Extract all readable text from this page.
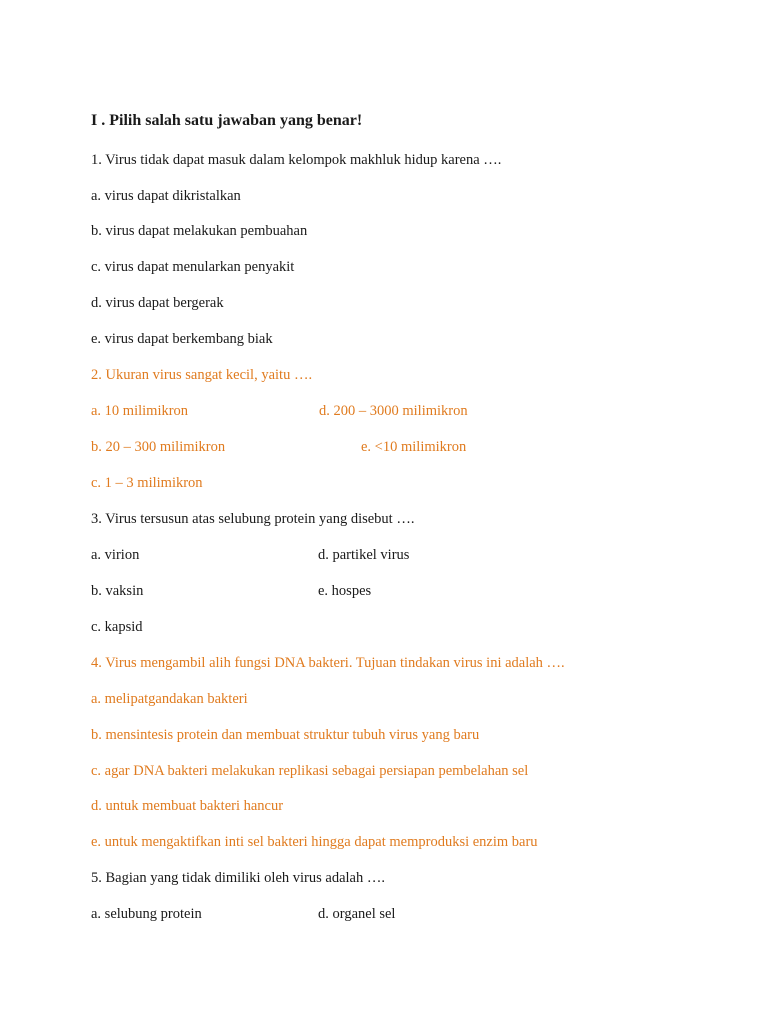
I . Pilih salah satu jawaban yang benar!
1. Virus tidak dapat masuk dalam kelompok makhluk hidup karena ….
a. virus dapat dikristalkan
b. virus dapat melakukan pembuahan
c. virus dapat menularkan penyakit
d. virus dapat bergerak
e. virus dapat berkembang biak
2. Ukuran virus sangat kecil, yaitu ….
a. 10 milimikron	d. 200 – 3000 milimikron
b. 20 – 300 milimikron	e. <10 milimikron
c. 1 – 3 milimikron
3. Virus tersusun atas selubung protein yang disebut ….
a. virion	d. partikel virus
b. vaksin	e. hospes
c. kapsid
4. Virus mengambil alih fungsi DNA bakteri. Tujuan tindakan virus ini adalah ….
a. melipatgandakan bakteri
b. mensintesis protein dan membuat struktur tubuh virus yang baru
c. agar DNA bakteri melakukan replikasi sebagai persiapan pembelahan sel
d. untuk membuat bakteri hancur
e. untuk mengaktifkan inti sel bakteri hingga dapat memproduksi enzim baru
5. Bagian yang tidak dimiliki oleh virus adalah ….
a. selubung protein	d. organel sel
